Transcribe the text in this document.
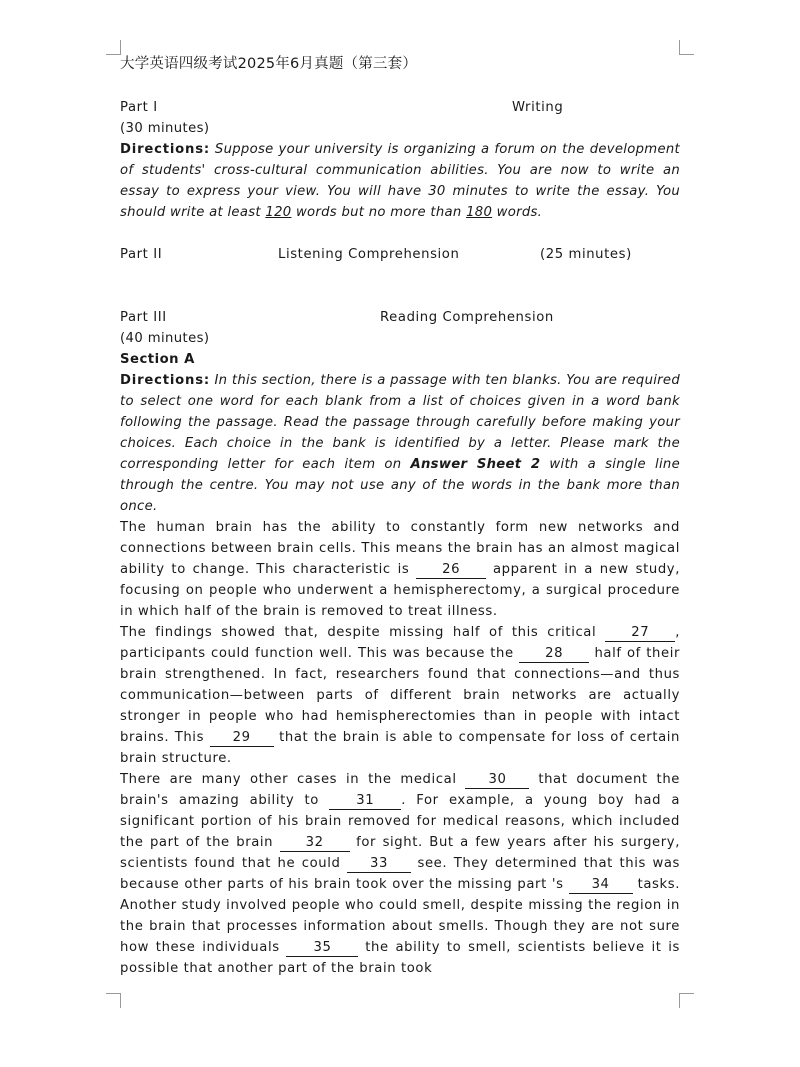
大学英语四级考试2025年6月真题（第三套）
Part I	Writing
(30 minutes)
Directions: Suppose your university is organizing a forum on the development of students' cross-cultural communication abilities. You are now to write an essay to express your view. You will have 30 minutes to write the essay. You should write at least 120 words but no more than 180 words.
Part II	Listening Comprehension	(25 minutes)
Part III	Reading Comprehension
(40 minutes)
Section A
Directions: In this section, there is a passage with ten blanks. You are required to select one word for each blank from a list of choices given in a word bank following the passage. Read the passage through carefully before making your choices. Each choice in the bank is identified by a letter. Please mark the corresponding letter for each item on Answer Sheet 2 with a single line through the centre. You may not use any of the words in the bank more than once.

The human brain has the ability to constantly form new networks and connections between brain cells. This means the brain has an almost magical ability to change. This characteristic is 26 apparent in a new study, focusing on people who underwent a hemispherectomy, a surgical procedure in which half of the brain is removed to treat illness.

The findings showed that, despite missing half of this critical 27 , participants could function well. This was because the 28 half of their brain strengthened. In fact, researchers found that connections—and thus communication—between parts of different brain networks are actually stronger in people who had hemispherectomies than in people with intact brains. This 29 that the brain is able to compensate for loss of certain brain structure.

There are many other cases in the medical 30 that document the brain's amazing ability to 31 . For example, a young boy had a significant portion of his brain removed for medical reasons, which included the part of the brain 32 for sight. But a few years after his surgery, scientists found that he could 33 see. They determined that this was because other parts of his brain took over the missing part 's 34 tasks. Another study involved people who could smell, despite missing the region in the brain that processes information about smells. Though they are not sure how these individuals 35 the ability to smell, scientists believe it is possible that another part of the brain took
